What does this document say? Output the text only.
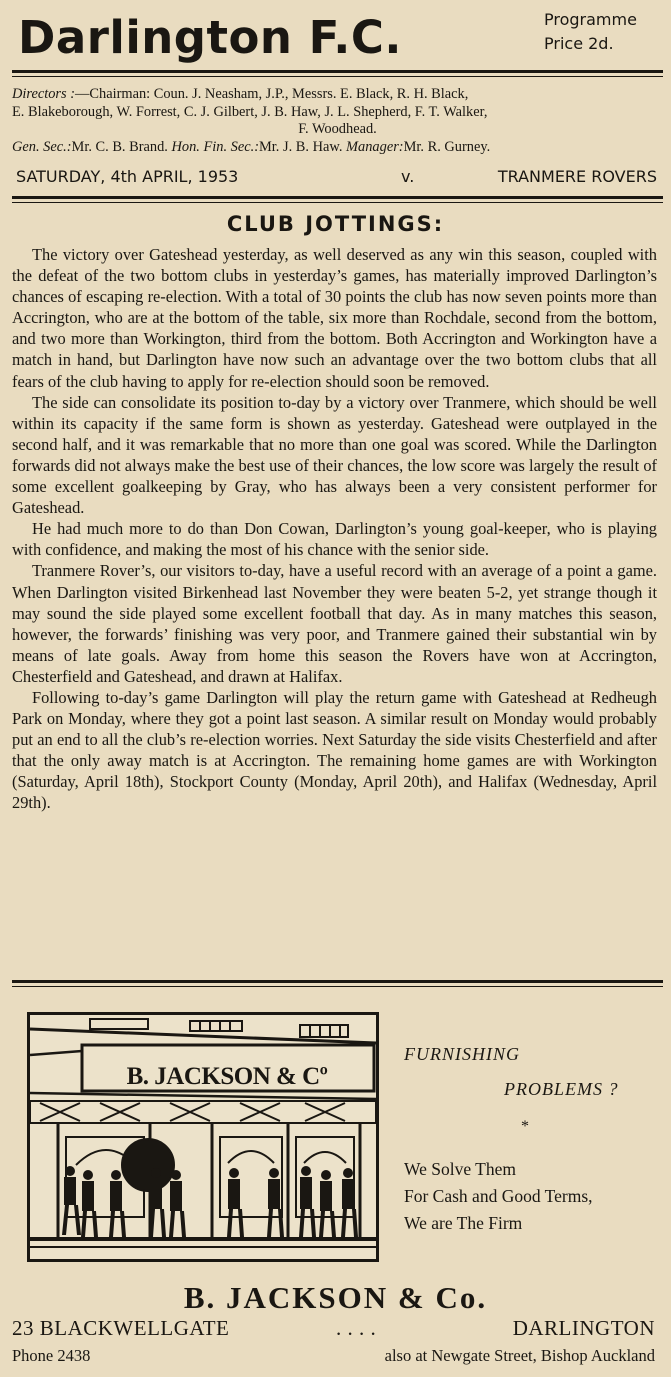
Darlington F.C.	Programme
Price 2d.
Directors :—Chairman: Coun. J. Neasham, J.P., Messrs. E. Black, R. H. Black,
E. Blakeborough, W. Forrest, C. J. Gilbert, J. B. Haw, J. L. Shepherd, F. T. Walker,
F. Woodhead.
Gen. Sec.:Mr. C. B. Brand. Hon. Fin. Sec.:Mr. J. B. Haw. Manager:Mr. R. Gurney.
SATURDAY, 4th APRIL, 1953	v.	TRANMERE ROVERS
CLUB JOTTINGS:

The victory over Gateshead yesterday, as well deserved as any win this season, coupled with the defeat of the two bottom clubs in yesterday’s games, has materially improved Darlington’s chances of escaping re-election. With a total of 30 points the club has now seven points more than Accrington, who are at the bottom of the table, six more than Rochdale, second from the bottom, and two more than Workington, third from the bottom. Both Accrington and Workington have a match in hand, but Darlington have now such an advantage over the two bottom clubs that all fears of the club having to apply for re-election should soon be removed.

The side can consolidate its position to-day by a victory over Tranmere, which should be well within its capacity if the same form is shown as yesterday. Gateshead were outplayed in the second half, and it was remarkable that no more than one goal was scored. While the Darlington forwards did not always make the best use of their chances, the low score was largely the result of some excellent goalkeeping by Gray, who has always been a very consistent performer for Gateshead.

He had much more to do than Don Cowan, Darlington’s young goal-keeper, who is playing with confidence, and making the most of his chance with the senior side.

Tranmere Rover’s, our visitors to-day, have a useful record with an average of a point a game. When Darlington visited Birkenhead last November they were beaten 5-2, yet strange though it may sound the side played some excellent football that day. As in many matches this season, however, the forwards’ finishing was very poor, and Tranmere gained their substantial win by means of late goals. Away from home this season the Rovers have won at Accrington, Chesterfield and Gateshead, and drawn at Halifax.

Following to-day’s game Darlington will play the return game with Gateshead at Redheugh Park on Monday, where they got a point last season. A similar result on Monday would probably put an end to all the club’s re-election worries. Next Saturday the side visits Chesterfield and after that the only away match is at Accrington. The remaining home games are with Workington (Saturday, April 18th), Stockport County (Monday, April 20th), and Halifax (Wednesday, April 29th).

B. JACKSON & Cº
FURNISHING
PROBLEMS ?
*
We Solve Them
For Cash and Good Terms,
We are The Firm
B. JACKSON & Co.
23 BLACKWELLGATE	. . . .	DARLINGTON
Phone 2438	also at Newgate Street, Bishop Auckland
